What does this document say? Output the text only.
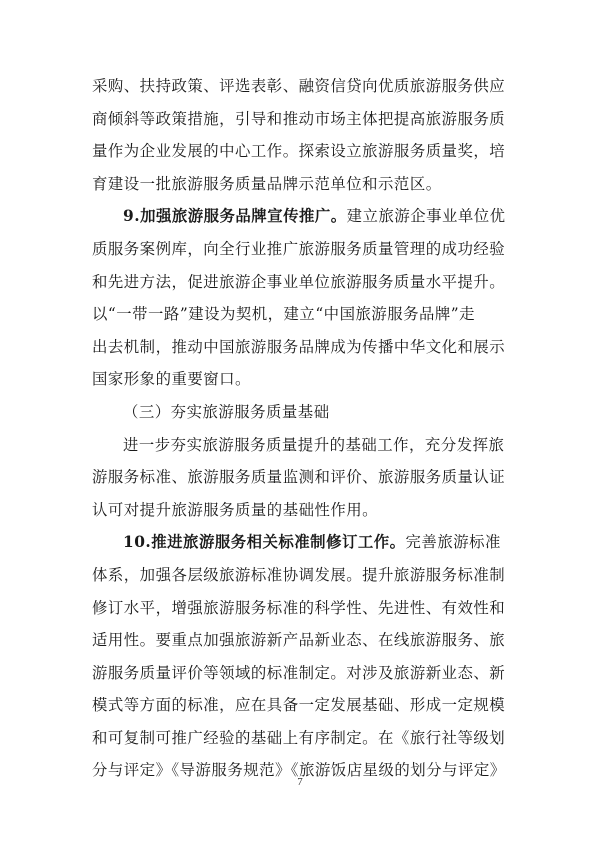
采购、扶持政策、评选表彰、融资信贷向优质旅游服务供应
商倾斜等政策措施，引导和推动市场主体把提高旅游服务质
量作为企业发展的中心工作。探索设立旅游服务质量奖，培
育建设一批旅游服务质量品牌示范单位和示范区。
9.加强旅游服务品牌宣传推广。建立旅游企事业单位优
质服务案例库，向全行业推广旅游服务质量管理的成功经验
和先进方法，促进旅游企事业单位旅游服务质量水平提升。
以“一带一路”建设为契机，建立“中国旅游服务品牌”走
出去机制，推动中国旅游服务品牌成为传播中华文化和展示
国家形象的重要窗口。
（三）夯实旅游服务质量基础
进一步夯实旅游服务质量提升的基础工作，充分发挥旅
游服务标准、旅游服务质量监测和评价、旅游服务质量认证
认可对提升旅游服务质量的基础性作用。
10.推进旅游服务相关标准制修订工作。完善旅游标准
体系，加强各层级旅游标准协调发展。提升旅游服务标准制
修订水平，增强旅游服务标准的科学性、先进性、有效性和
适用性。要重点加强旅游新产品新业态、在线旅游服务、旅
游服务质量评价等领域的标准制定。对涉及旅游新业态、新
模式等方面的标准，应在具备一定发展基础、形成一定规模
和可复制可推广经验的基础上有序制定。在《旅行社等级划
分与评定》《导游服务规范》《旅游饭店星级的划分与评定》
7
